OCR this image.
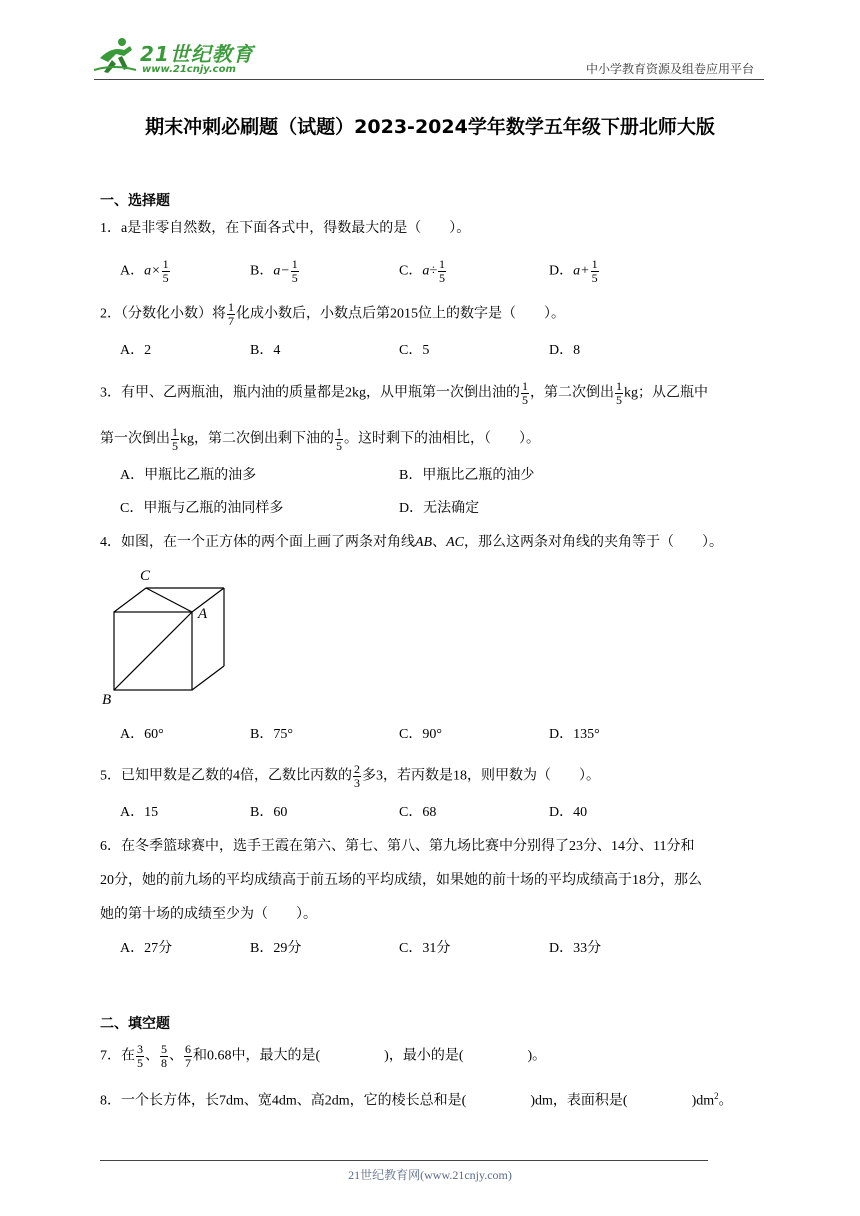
21世纪教育
www.21cnjy.com	中小学教育资源及组卷应用平台
期末冲刺必刷题（试题）2023-2024学年数学五年级下册北师大版
一、选择题
1．a是非零自然数，在下面各式中，得数最大的是（　　）。
A．$a\times \frac{1}{5}$	B．$a- \frac{1}{5}$	C．$a\div \frac{1}{5}$	D．$a+ \frac{1}{5}$
2．（分数化小数）将 $\frac{1}{7}$ 化成小数后，小数点后第2015位上的数字是（　　）。
A．2	B．4	C．5	D．8
3．有甲、乙两瓶油，瓶内油的质量都是2kg，从甲瓶第一次倒出油的 $\frac{1}{5}$ ，第二次倒出 $\frac{1}{5}$ kg；从乙瓶中
第一次倒出 $\frac{1}{5}$ kg，第二次倒出剩下油的 $\frac{1}{5}$ 。这时剩下的油相比，（　　）。
A．甲瓶比乙瓶的油多	B．甲瓶比乙瓶的油少
C．甲瓶与乙瓶的油同样多	D．无法确定
4．如图，在一个正方体的两个面上画了两条对角线AB、AC，那么这两条对角线的夹角等于（　　）。
C
A
B
A．60°	B．75°	C．90°	D．135°
5．已知甲数是乙数的4倍，乙数比丙数的 $\frac{2}{3}$ 多3，若丙数是18，则甲数为（　　）。
A．15	B．60	C．68	D．40
6．在冬季篮球赛中，选手王霞在第六、第七、第八、第九场比赛中分别得了23分、14分、11分和
20分，她的前九场的平均成绩高于前五场的平均成绩，如果她的前十场的平均成绩高于18分，那么
她的第十场的成绩至少为（　　）。
A．27分	B．29分	C．31分	D．33分
二、填空题
7．在 $\frac{3}{5}$ 、 $\frac{5}{8}$ 、 $\frac{6}{7}$ 和0.68中，最大的是(	)，最小的是(	)。
8．一个长方体，长7dm、宽4dm、高2dm，它的棱长总和是(	)dm，表面积是(	)$dm^2$。
21世纪教育网(www.21cnjy.com)
